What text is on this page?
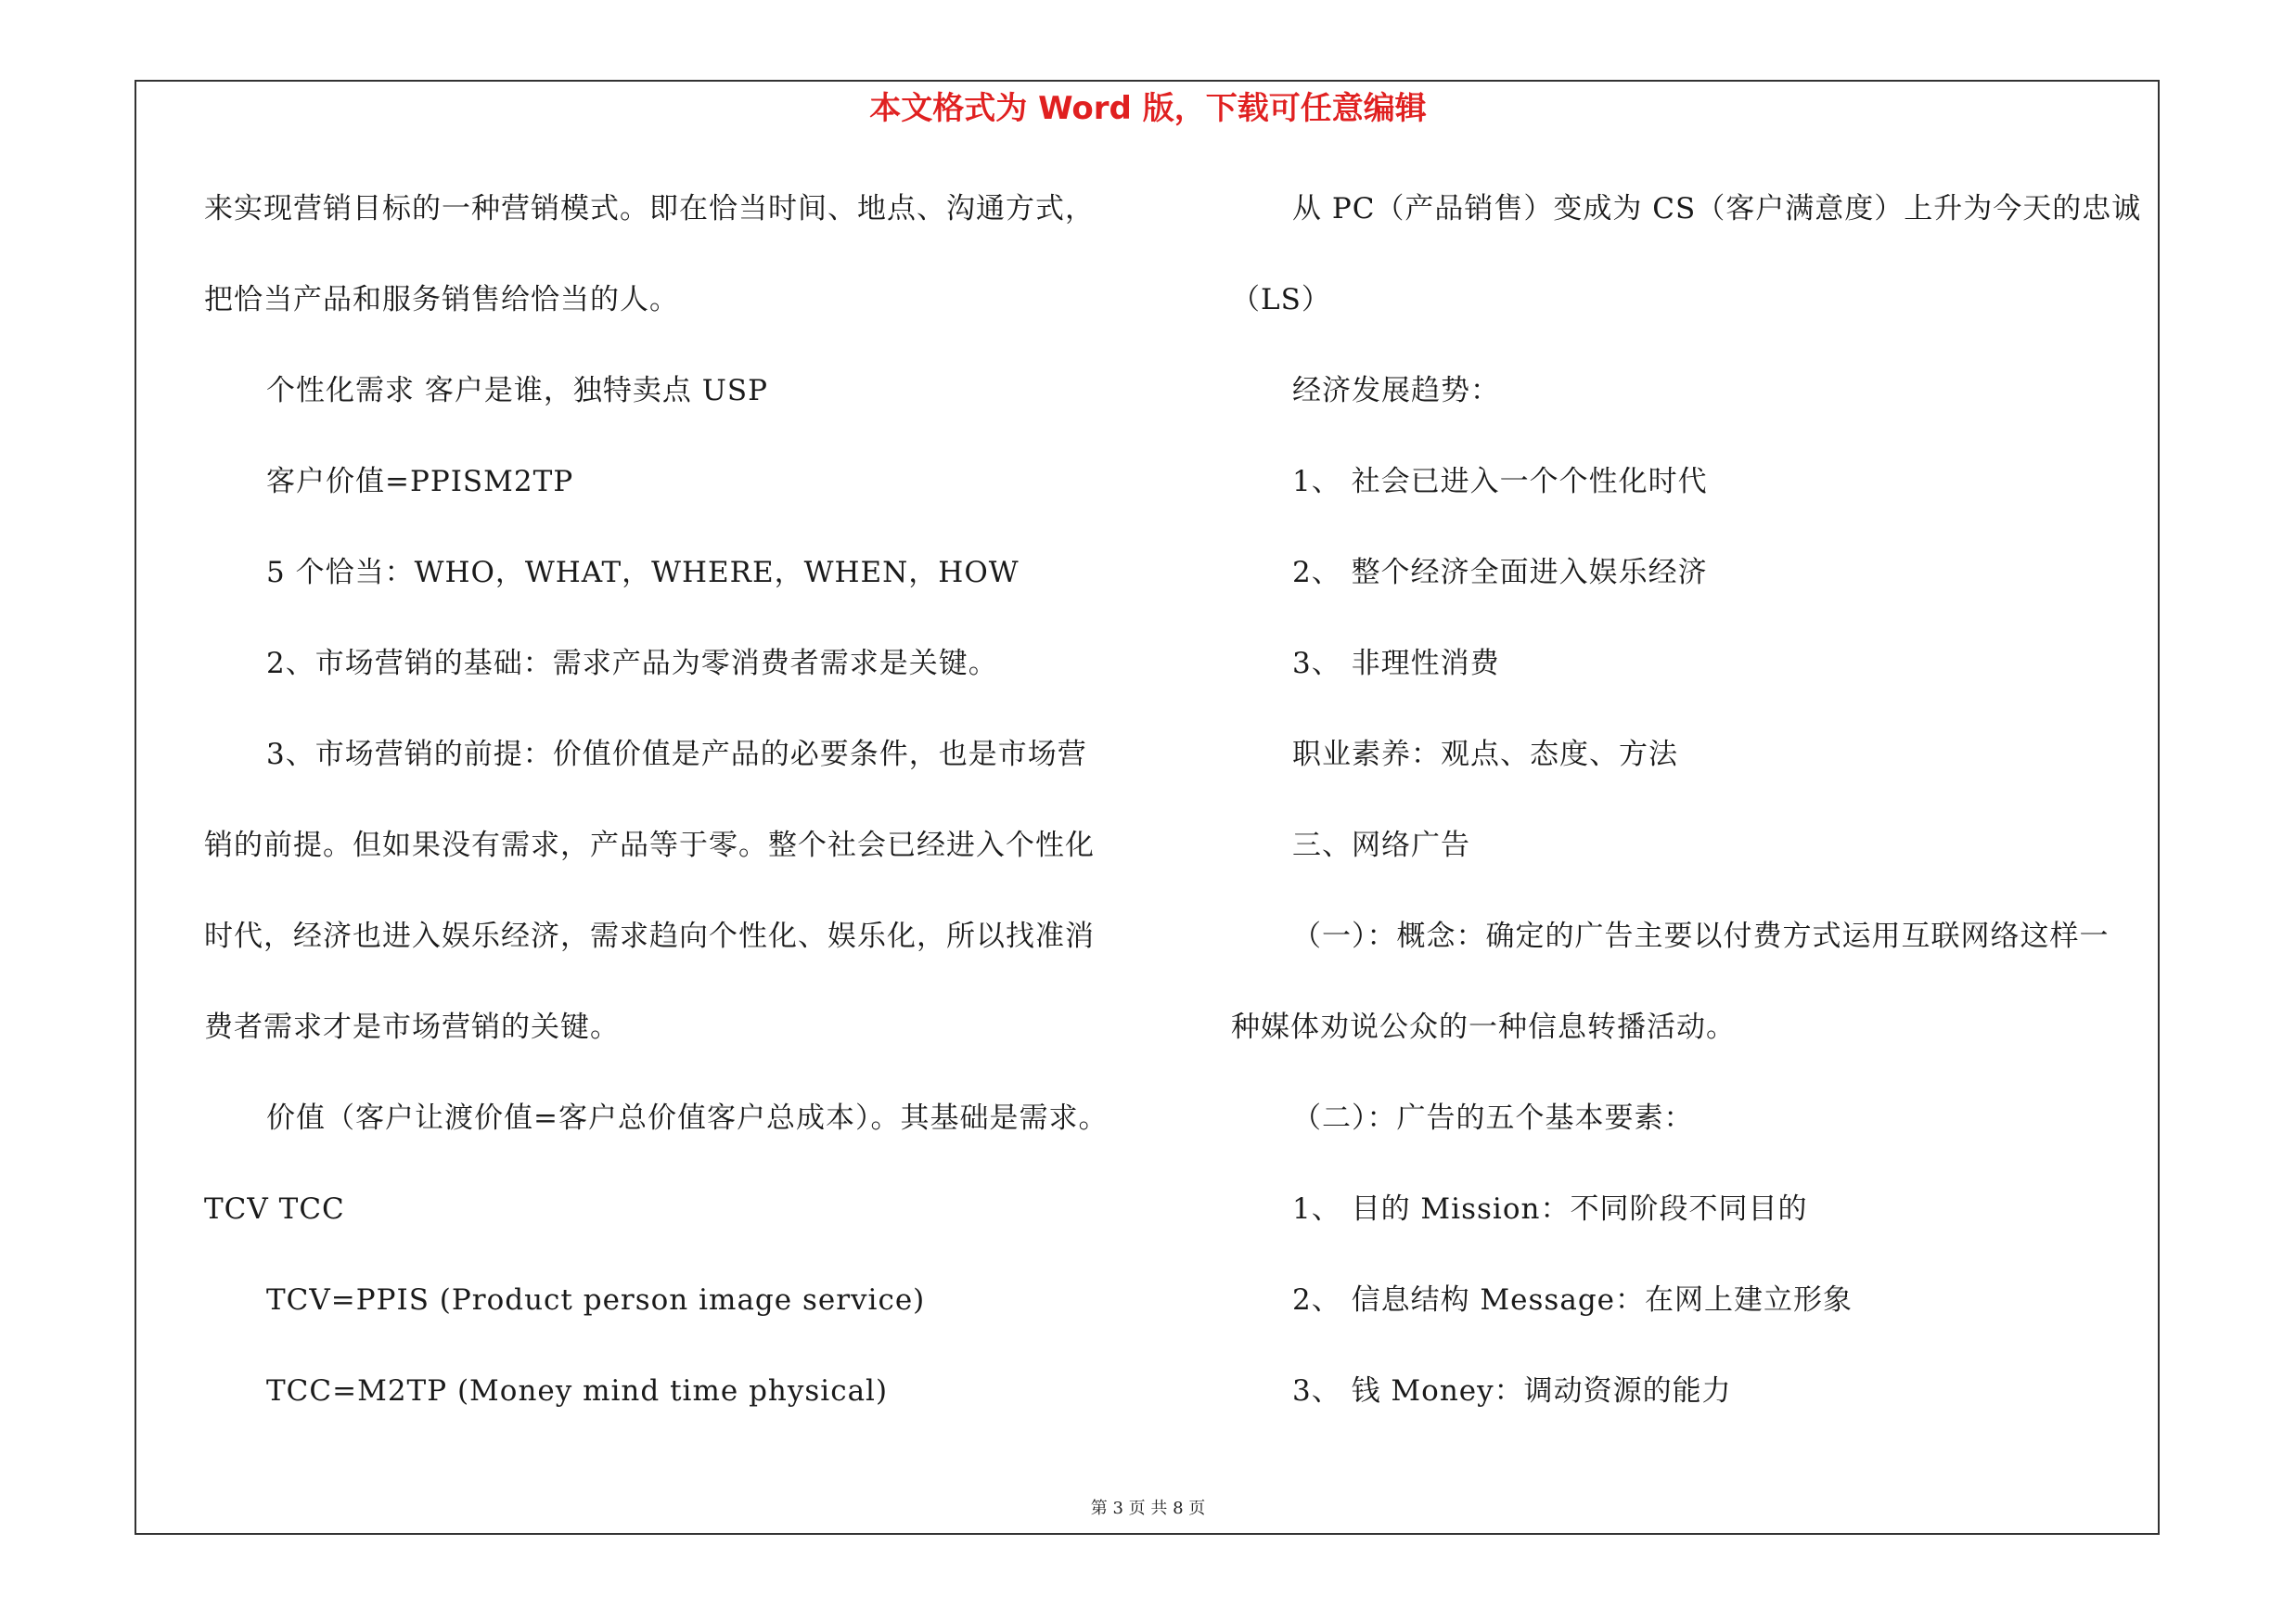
本文格式为 Word 版，下载可任意编辑
来实现营销目标的一种营销模式。即在恰当时间、地点、沟通方式，
把恰当产品和服务销售给恰当的人。
个性化需求 客户是谁，独特卖点 USP
客户价值=PPISM2TP
5 个恰当：WHO，WHAT，WHERE，WHEN，HOW
2、市场营销的基础：需求产品为零消费者需求是关键。
3、市场营销的前提：价值价值是产品的必要条件，也是市场营
销的前提。但如果没有需求，产品等于零。整个社会已经进入个性化
时代，经济也进入娱乐经济，需求趋向个性化、娱乐化，所以找准消
费者需求才是市场营销的关键。
价值（客户让渡价值=客户总价值客户总成本）。其基础是需求。
TCV TCC
TCV=PPIS (Product person image service)
TCC=M2TP (Money mind time physical)
从 PC（产品销售）变成为 CS（客户满意度）上升为今天的忠诚
（LS）
经济发展趋势：
1、 社会已进入一个个性化时代
2、 整个经济全面进入娱乐经济
3、 非理性消费
职业素养：观点、态度、方法
三、网络广告
（一）：概念：确定的广告主要以付费方式运用互联网络这样一
种媒体劝说公众的一种信息转播活动。
（二）：广告的五个基本要素：
1、 目的 Mission：不同阶段不同目的
2、 信息结构 Message：在网上建立形象
3、 钱 Money：调动资源的能力
第 3 页 共 8 页
